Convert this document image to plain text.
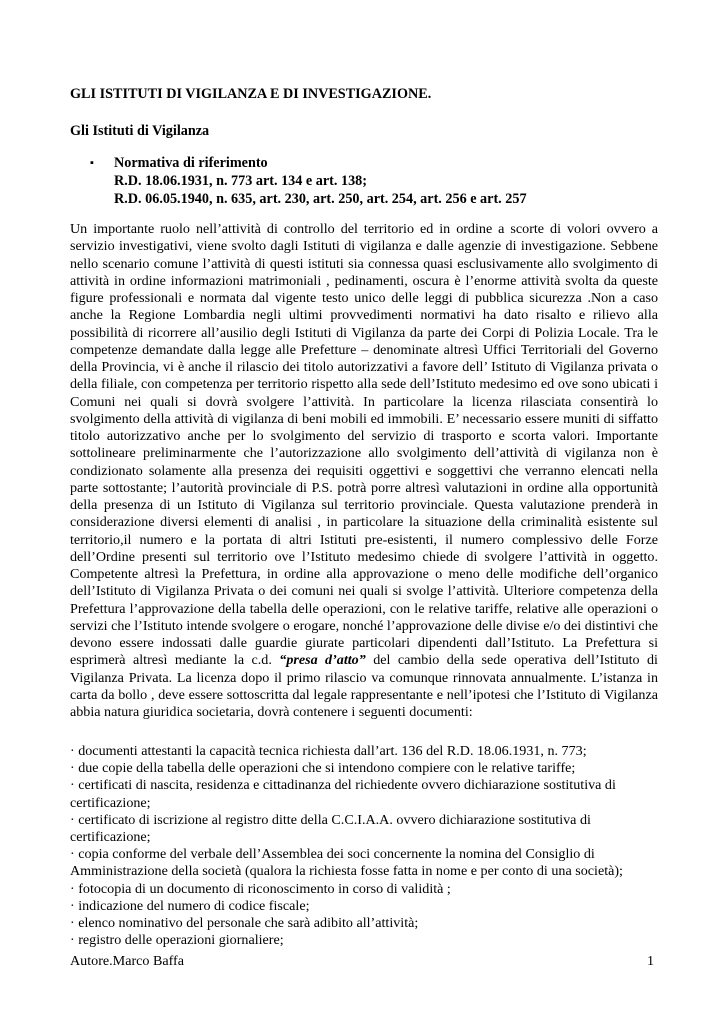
GLI ISTITUTI DI VIGILANZA E DI INVESTIGAZIONE.
Gli Istituti di Vigilanza
▪	Normativa di riferimento
R.D. 18.06.1931, n. 773 art. 134 e art. 138;
R.D. 06.05.1940, n. 635, art. 230, art. 250, art. 254, art. 256 e art. 257

Un importante ruolo nell’attività di controllo del territorio ed in ordine a scorte di volori ovvero a servizio investigativi, viene svolto dagli Istituti di vigilanza e dalle agenzie di investigazione. Sebbene nello scenario comune l’attività di questi istituti sia connessa quasi esclusivamente allo svolgimento di attività in ordine informazioni matrimoniali , pedinamenti, oscura è l’enorme attività svolta da queste figure professionali e normata dal vigente testo unico delle leggi di pubblica sicurezza .Non a caso anche la Regione Lombardia negli ultimi provvedimenti normativi ha dato risalto e rilievo alla possibilità di ricorrere all’ausilio degli Istituti di Vigilanza da parte dei Corpi di Polizia Locale. Tra le competenze demandate dalla legge alle Prefetture – denominate altresì Uffici Territoriali del Governo della Provincia, vi è anche il rilascio dei titolo autorizzativi a favore dell’ Istituto di Vigilanza privata o della filiale, con competenza per territorio rispetto alla sede dell’Istituto medesimo ed ove sono ubicati i Comuni nei quali si dovrà svolgere l’attività. In particolare la licenza rilasciata consentirà lo svolgimento della attività di vigilanza di beni mobili ed immobili. E’ necessario essere muniti di siffatto titolo autorizzativo anche per lo svolgimento del servizio di trasporto e scorta valori. Importante sottolineare preliminarmente che l’autorizzazione allo svolgimento dell’attività di vigilanza non è condizionato solamente alla presenza dei requisiti oggettivi e soggettivi che verranno elencati nella parte sottostante; l’autorità provinciale di P.S. potrà porre altresì valutazioni in ordine alla opportunità della presenza di un Istituto di Vigilanza sul territorio provinciale. Questa valutazione prenderà in considerazione diversi elementi di analisi , in particolare la situazione della criminalità esistente sul territorio,il numero e la portata di altri Istituti pre-esistenti, il numero complessivo delle Forze dell’Ordine presenti sul territorio ove l’Istituto medesimo chiede di svolgere l’attività in oggetto. Competente altresì la Prefettura, in ordine alla approvazione o meno delle modifiche dell’organico dell’Istituto di Vigilanza Privata o dei comuni nei quali si svolge l’attività. Ulteriore competenza della Prefettura l’approvazione della tabella delle operazioni, con le relative tariffe, relative alle operazioni o servizi che l’Istituto intende svolgere o erogare, nonché l’approvazione delle divise e/o dei distintivi che devono essere indossati dalle guardie giurate particolari dipendenti dall’Istituto. La Prefettura si esprimerà altresì mediante la c.d. “presa d’atto” del cambio della sede operativa dell’Istituto di Vigilanza Privata. La licenza dopo il primo rilascio va comunque rinnovata annualmente. L’istanza in carta da bollo , deve essere sottoscritta dal legale rappresentante e nell’ipotesi che l’Istituto di Vigilanza abbia natura giuridica societaria, dovrà contenere i seguenti documenti:

· documenti attestanti la capacità tecnica richiesta dall’art. 136 del R.D. 18.06.1931, n. 773;
· due copie della tabella delle operazioni che si intendono compiere con le relative tariffe;
· certificati di nascita, residenza e cittadinanza del richiedente ovvero dichiarazione sostitutiva di certificazione;
· certificato di iscrizione al registro ditte della C.C.I.A.A. ovvero dichiarazione sostitutiva di certificazione;
· copia conforme del verbale dell’Assemblea dei soci concernente la nomina del Consiglio di Amministrazione della società (qualora la richiesta fosse fatta in nome e per conto di una società);
· fotocopia di un documento di riconoscimento in corso di validità ;
· indicazione del numero di codice fiscale;
· elenco nominativo del personale che sarà adibito all’attività;
· registro delle operazioni giornaliere;
Autore.Marco Baffa	1
